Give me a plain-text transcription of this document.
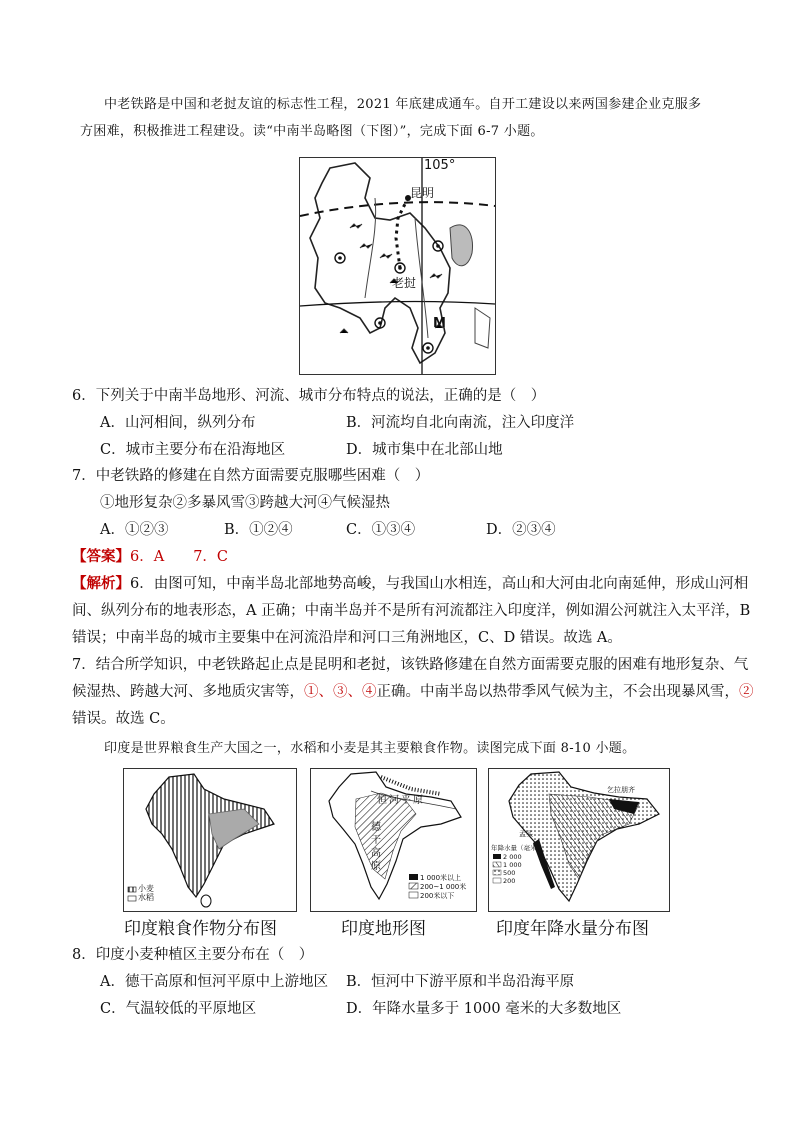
中老铁路是中国和老挝友谊的标志性工程，2021 年底建成通车。自开工建设以来两国参建企业克服多
方困难，积极推进工程建设。读“中南半岛略图（下图）”，完成下面 6-7 小题。
105°
昆明
老挝
M
6．下列关于中南半岛地形、河流、城市分布特点的说法，正确的是（　）
A．山河相间，纵列分布	B．河流均自北向南流，注入印度洋
C．城市主要分布在沿海地区	D．城市集中在北部山地
7．中老铁路的修建在自然方面需要克服哪些困难（　）
①地形复杂②多暴风雪③跨越大河④气候湿热
A．①②③	B．①②④	C．①③④	D．②③④
【答案】6．A　　7．C
【解析】6．由图可知，中南半岛北部地势高峻，与我国山水相连，高山和大河由北向南延伸，形成山河相
间、纵列分布的地表形态，A 正确；中南半岛并不是所有河流都注入印度洋，例如湄公河就注入太平洋，B
错误；中南半岛的城市主要集中在河流沿岸和河口三角洲地区，C、D 错误。故选 A。
7．结合所学知识，中老铁路起止点是昆明和老挝，该铁路修建在自然方面需要克服的困难有地形复杂、气
候湿热、跨越大河、多地质灾害等，①、③、④正确。中南半岛以热带季风气候为主，不会出现暴风雪，②
错误。故选 C。
印度是世界粮食生产大国之一，水稻和小麦是其主要粮食作物。读图完成下面 8-10 小题。
小麦
水稻
印度粮食作物分布图
恒河平原
德干高原
1 000米以上
200~1 000米
200米以下
印度地形图
年降水量（毫米）
2 000
1 000
500
200
孟买
乞拉朋齐
印度年降水量分布图
8．印度小麦种植区主要分布在（　）
A．德干高原和恒河平原中上游地区 B．恒河中下游平原和半岛沿海平原
C．气温较低的平原地区	D．年降水量多于 1000 毫米的大多数地区
